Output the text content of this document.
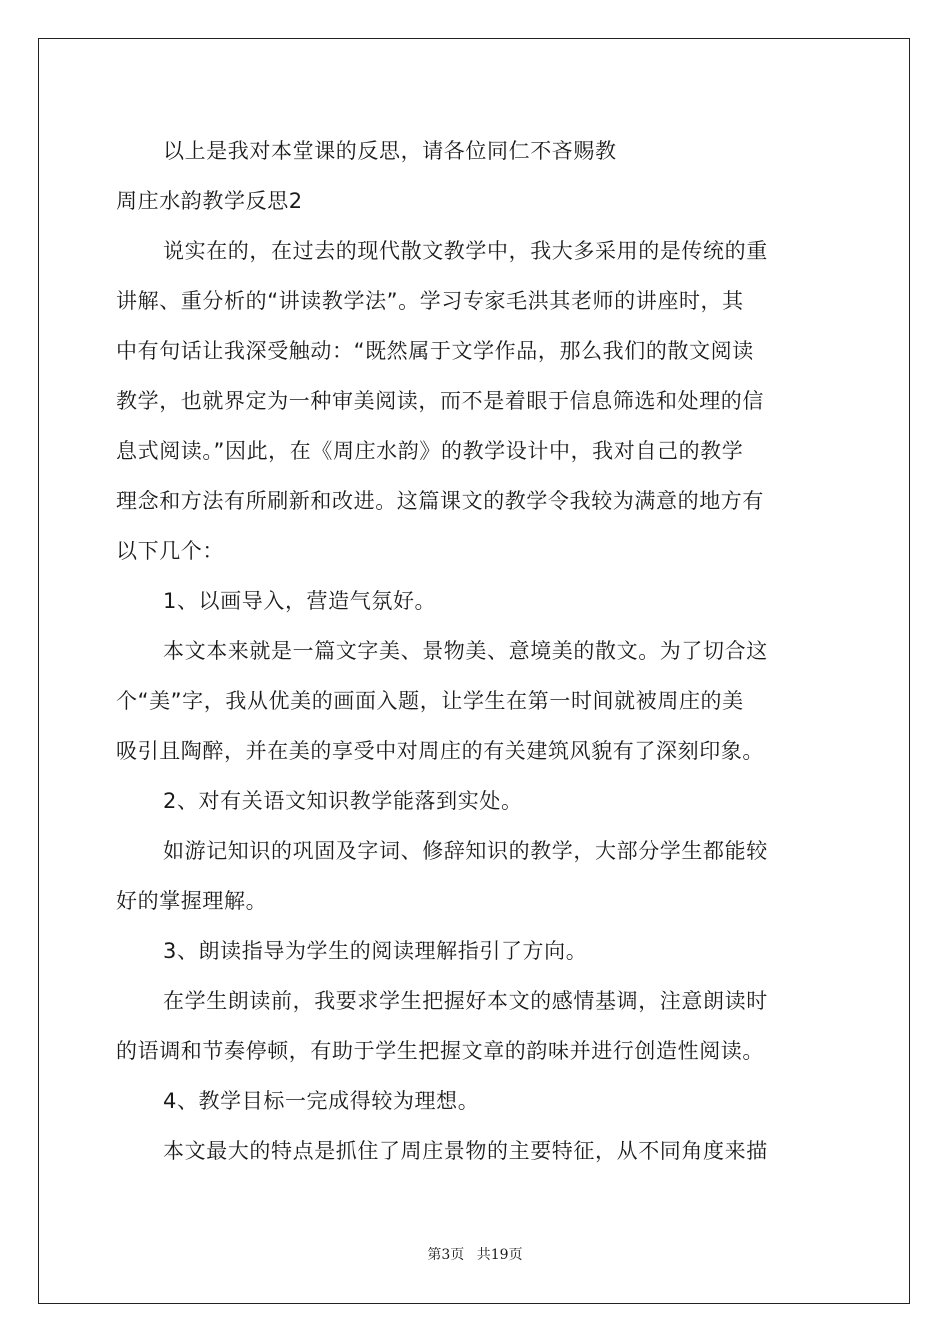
以上是我对本堂课的反思，请各位同仁不吝赐教
周庄水韵教学反思2
说实在的，在过去的现代散文教学中，我大多采用的是传统的重
讲解、重分析的“讲读教学法”。学习专家毛洪其老师的讲座时，其
中有句话让我深受触动：“既然属于文学作品，那么我们的散文阅读
教学，也就界定为一种审美阅读，而不是着眼于信息筛选和处理的信
息式阅读。”因此，在《周庄水韵》的教学设计中，我对自己的教学
理念和方法有所刷新和改进。这篇课文的教学令我较为满意的地方有
以下几个：
1、以画导入，营造气氛好。
本文本来就是一篇文字美、景物美、意境美的散文。为了切合这
个“美”字，我从优美的画面入题，让学生在第一时间就被周庄的美
吸引且陶醉，并在美的享受中对周庄的有关建筑风貌有了深刻印象。
2、对有关语文知识教学能落到实处。
如游记知识的巩固及字词、修辞知识的教学，大部分学生都能较
好的掌握理解。
3、朗读指导为学生的阅读理解指引了方向。
在学生朗读前，我要求学生把握好本文的感情基调，注意朗读时
的语调和节奏停顿，有助于学生把握文章的韵味并进行创造性阅读。
4、教学目标一完成得较为理想。
本文最大的特点是抓住了周庄景物的主要特征，从不同角度来描
第3页 共19页
